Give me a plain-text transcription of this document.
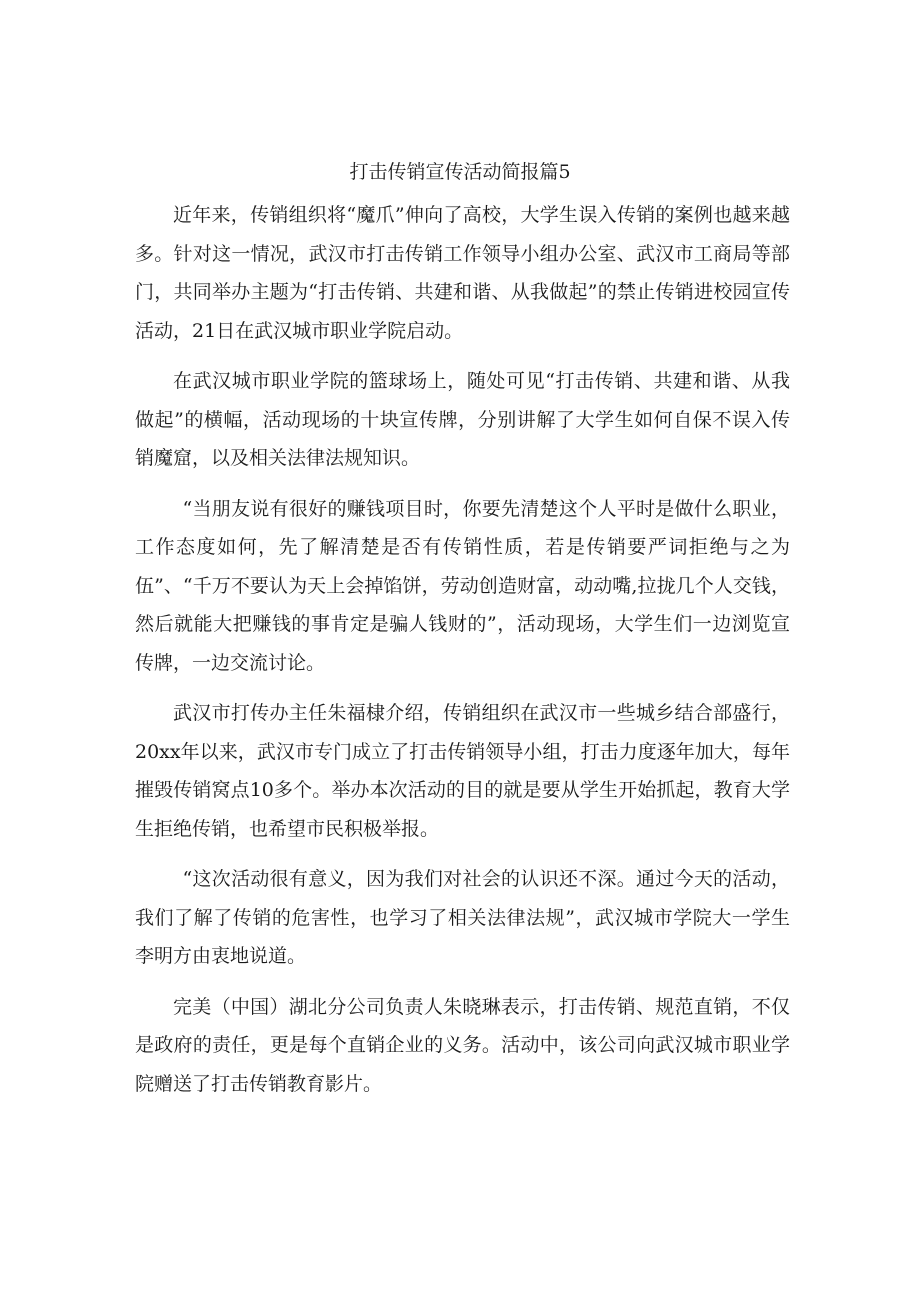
打击传销宣传活动简报篇5

近年来，传销组织将“魔爪”伸向了高校，大学生误入传销的案例也越来越多。针对这一情况，武汉市打击传销工作领导小组办公室、武汉市工商局等部门，共同举办主题为“打击传销、共建和谐、从我做起”的禁止传销进校园宣传活动，21日在武汉城市职业学院启动。

在武汉城市职业学院的篮球场上，随处可见“打击传销、共建和谐、从我做起”的横幅，活动现场的十块宣传牌，分别讲解了大学生如何自保不误入传销魔窟，以及相关法律法规知识。

“当朋友说有很好的赚钱项目时，你要先清楚这个人平时是做什么职业，工作态度如何，先了解清楚是否有传销性质，若是传销要严词拒绝与之为伍”、“千万不要认为天上会掉馅饼，劳动创造财富，动动嘴,拉拢几个人交钱，然后就能大把赚钱的事肯定是骗人钱财的”，活动现场，大学生们一边浏览宣传牌，一边交流讨论。

武汉市打传办主任朱福棣介绍，传销组织在武汉市一些城乡结合部盛行，20xx年以来，武汉市专门成立了打击传销领导小组，打击力度逐年加大，每年摧毁传销窝点10多个。举办本次活动的目的就是要从学生开始抓起，教育大学生拒绝传销，也希望市民积极举报。

“这次活动很有意义，因为我们对社会的认识还不深。通过今天的活动，我们了解了传销的危害性，也学习了相关法律法规”，武汉城市学院大一学生李明方由衷地说道。

完美（中国）湖北分公司负责人朱晓琳表示，打击传销、规范直销，不仅是政府的责任，更是每个直销企业的义务。活动中，该公司向武汉城市职业学院赠送了打击传销教育影片。
